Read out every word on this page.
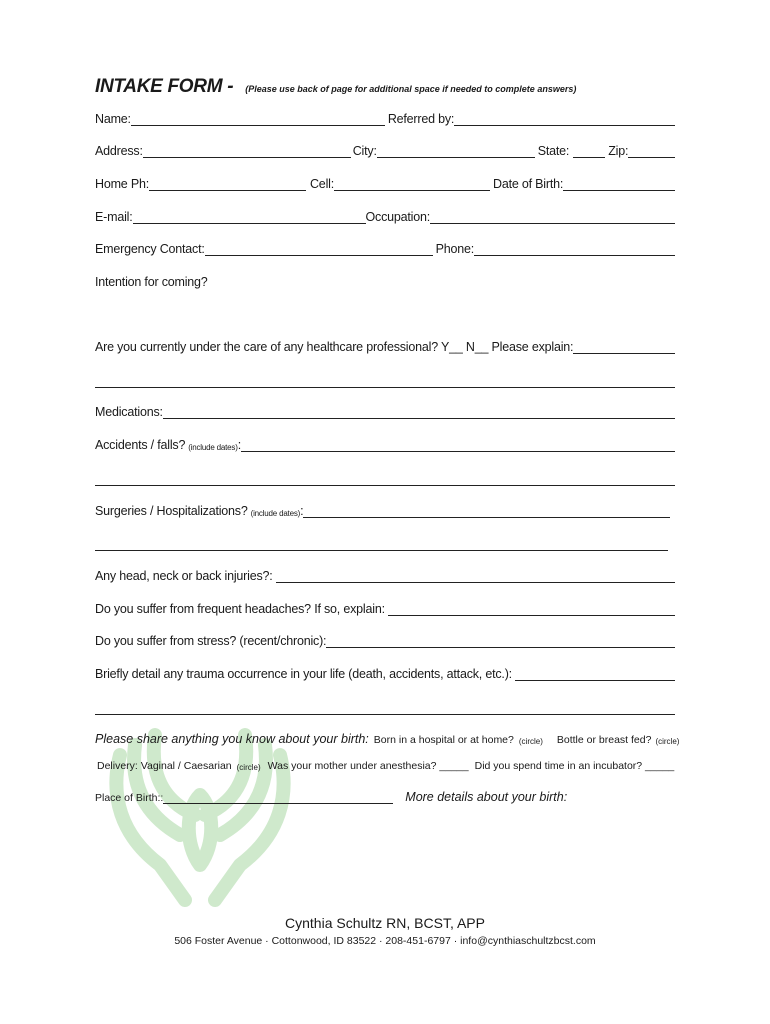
INTAKE FORM - (Please use back of page for additional space if needed to complete answers)
Name:	Referred by:
Address:	City:	State:	Zip:
Home Ph:	Cell:	Date of Birth:
E-mail:	Occupation:
Emergency Contact:	Phone:
Intention for coming?
Are you currently under the care of any healthcare professional? Y__ N__ Please explain:
Medications:
Accidents / falls? (include dates) :
Surgeries / Hospitalizations? (include dates) :
Any head, neck or back injuries?:
Do you suffer from frequent headaches? If so, explain:
Do you suffer from stress? (recent/chronic):
Briefly detail any trauma occurrence in your life (death, accidents, attack, etc.):
Please share anything you know about your birth: Born in a hospital or at home? (circle) Bottle or breast fed? (circle)
Delivery: Vaginal / Caesarian (circle) Was your mother under anesthesia? _____ Did you spend time in an incubator? _____
Place of Birth::	More details about your birth:
Cynthia Schultz RN, BCST, APP
506 Foster Avenue · Cottonwood, ID 83522 · 208-451-6797 · info@cynthiaschultzbcst.com
